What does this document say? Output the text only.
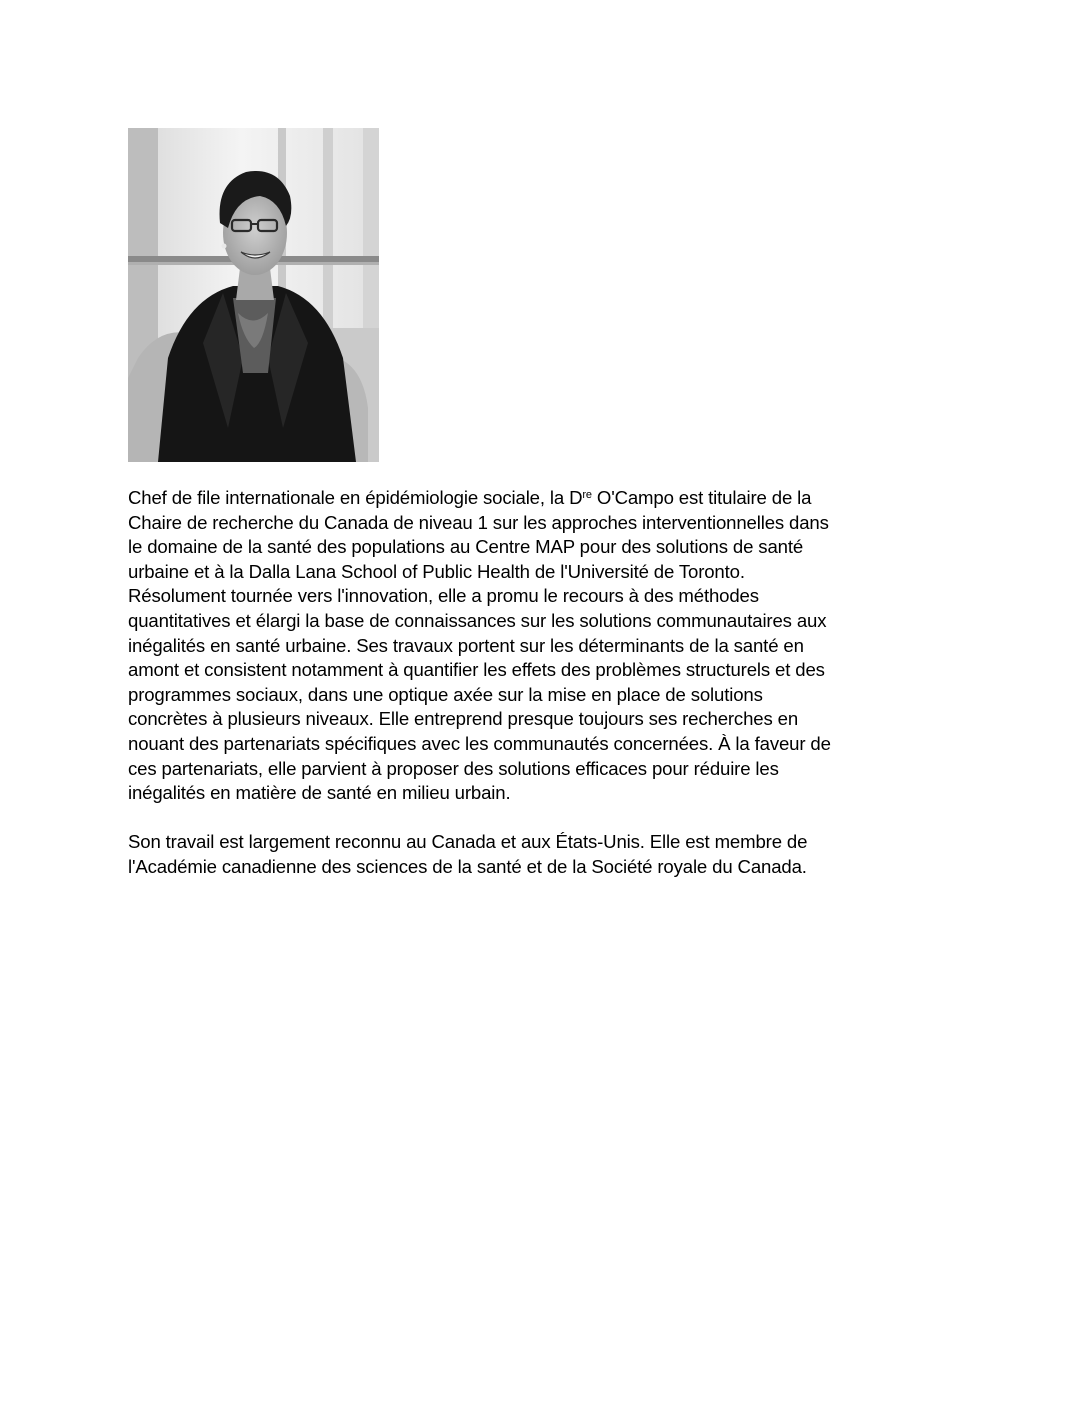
Chef de file internationale en épidémiologie sociale, la Dre O'Campo est titulaire de la
Chaire de recherche du Canada de niveau 1 sur les approches interventionnelles dans
le domaine de la santé des populations au Centre MAP pour des solutions de santé
urbaine et à la Dalla Lana School of Public Health de l'Université de Toronto.
Résolument tournée vers l'innovation, elle a promu le recours à des méthodes
quantitatives et élargi la base de connaissances sur les solutions communautaires aux
inégalités en santé urbaine. Ses travaux portent sur les déterminants de la santé en
amont et consistent notamment à quantifier les effets des problèmes structurels et des
programmes sociaux, dans une optique axée sur la mise en place de solutions
concrètes à plusieurs niveaux. Elle entreprend presque toujours ses recherches en
nouant des partenariats spécifiques avec les communautés concernées. À la faveur de
ces partenariats, elle parvient à proposer des solutions efficaces pour réduire les
inégalités en matière de santé en milieu urbain.

Son travail est largement reconnu au Canada et aux États-Unis. Elle est membre de
l'Académie canadienne des sciences de la santé et de la Société royale du Canada.
